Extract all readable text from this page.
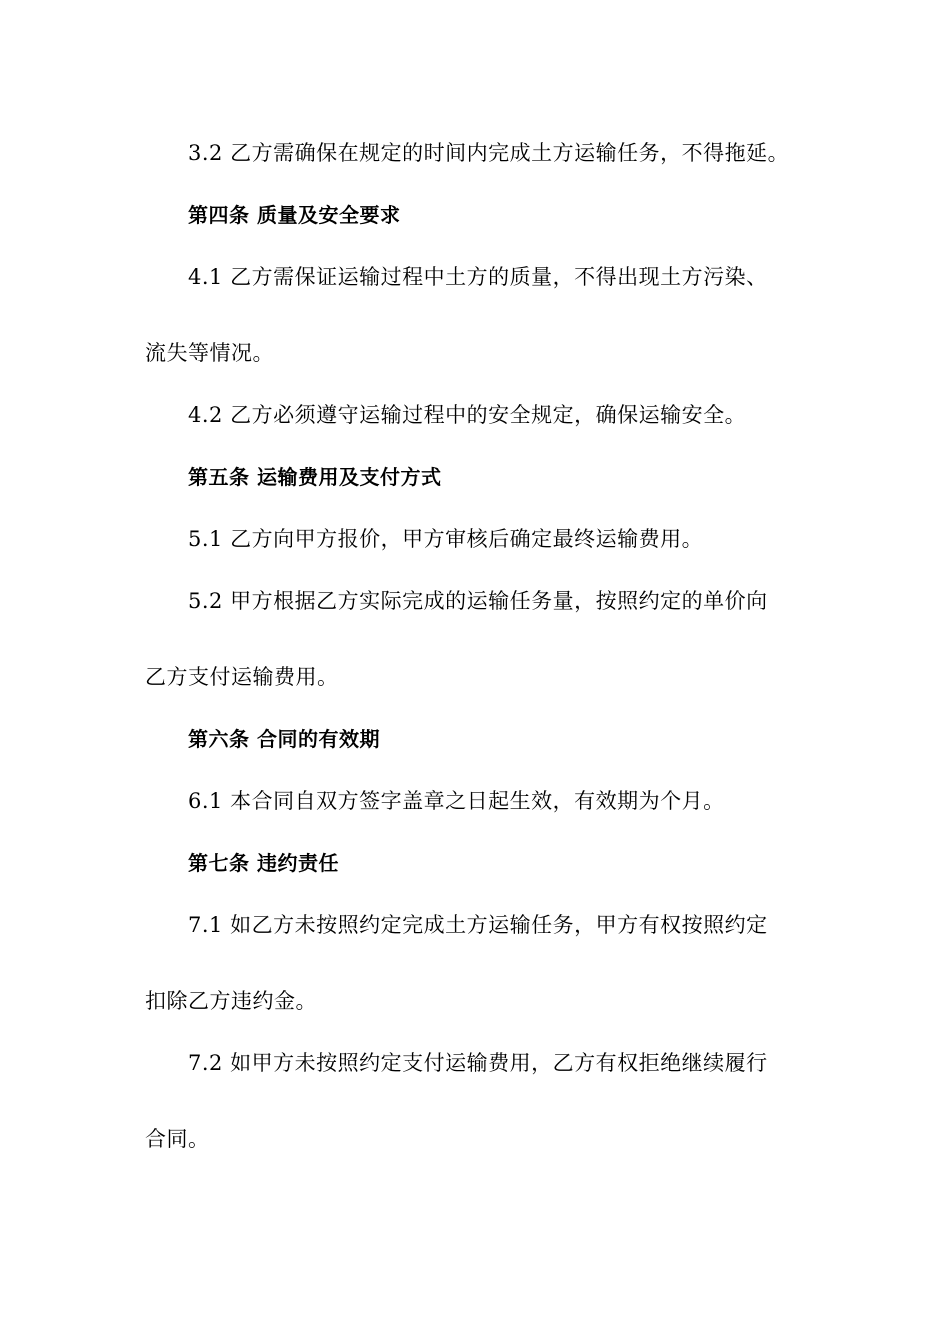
3.2 乙方需确保在规定的时间内完成土方运输任务，不得拖延。
第四条 质量及安全要求
4.1 乙方需保证运输过程中土方的质量，不得出现土方污染、
流失等情况。
4.2 乙方必须遵守运输过程中的安全规定，确保运输安全。
第五条 运输费用及支付方式
5.1 乙方向甲方报价，甲方审核后确定最终运输费用。
5.2 甲方根据乙方实际完成的运输任务量，按照约定的单价向
乙方支付运输费用。
第六条 合同的有效期
6.1 本合同自双方签字盖章之日起生效，有效期为个月。
第七条 违约责任
7.1 如乙方未按照约定完成土方运输任务，甲方有权按照约定
扣除乙方违约金。
7.2 如甲方未按照约定支付运输费用，乙方有权拒绝继续履行
合同。
